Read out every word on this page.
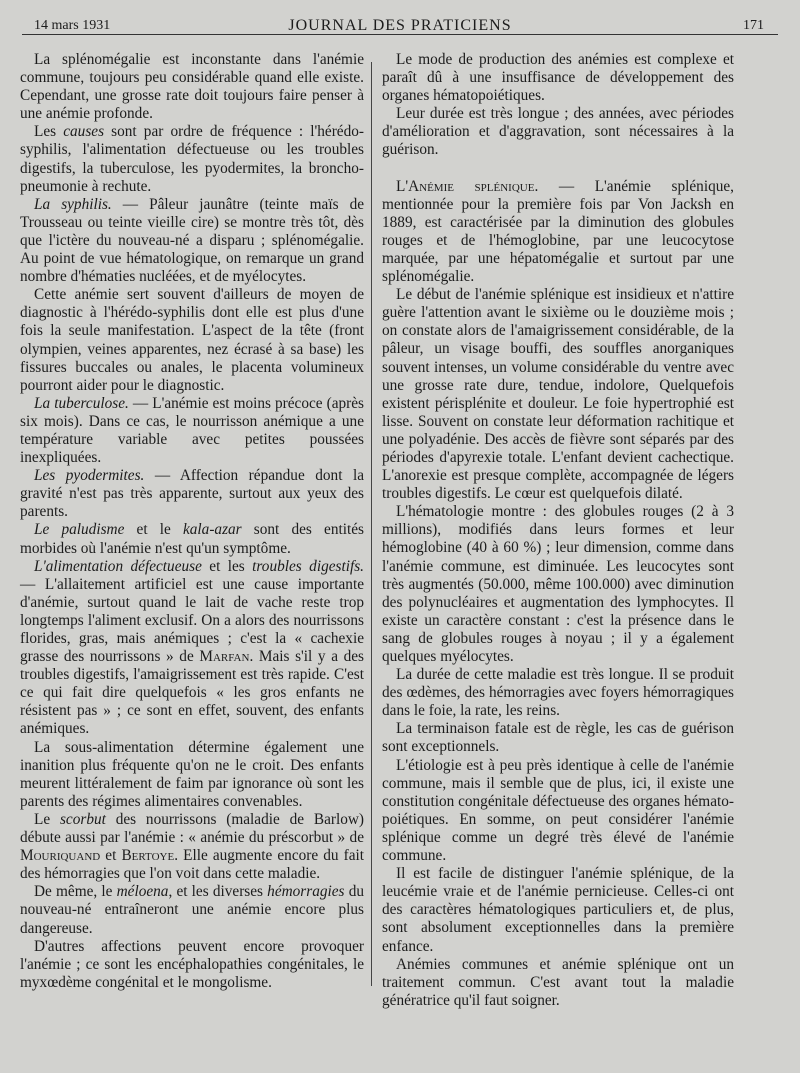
14 mars 1931	JOURNAL DES PRATICIENS	171

La splénomégalie est inconstante dans l'anémie commune, toujours peu considérable quand elle existe. Cependant, une grosse rate doit toujours faire penser à une anémie profonde.

Les causes sont par ordre de fréquence : l'hérédo-syphilis, l'alimentation défectueuse ou les troubles digestifs, la tuberculose, les pyodermites, la broncho-pneumonie à rechute.

La syphilis. — Pâleur jaunâtre (teinte maïs de Trousseau ou teinte vieille cire) se montre très tôt, dès que l'ictère du nouveau-né a disparu ; splénomégalie. Au point de vue hématologique, on remarque un grand nombre d'hématies nucléées, et de myélocytes.

Cette anémie sert souvent d'ailleurs de moyen de diagnostic à l'hérédo-syphilis dont elle est plus d'une fois la seule manifestation. L'aspect de la tête (front olympien, veines apparentes, nez écrasé à sa base) les fissures buccales ou anales, le placenta volumineux pourront aider pour le diagnostic.

La tuberculose. — L'anémie est moins précoce (après six mois). Dans ce cas, le nourrisson anémique a une température variable avec petites poussées inexpliquées.

Les pyodermites. — Affection répandue dont la gravité n'est pas très apparente, surtout aux yeux des parents.

Le paludisme et le kala-azar sont des entités morbides où l'anémie n'est qu'un symptôme.

L'alimentation défectueuse et les troubles digestifs. — L'allaitement artificiel est une cause importante d'anémie, surtout quand le lait de vache reste trop longtemps l'aliment exclusif. On a alors des nourrissons florides, gras, mais anémiques ; c'est la « cachexie grasse des nourrissons » de Marfan. Mais s'il y a des troubles digestifs, l'amaigrissement est très rapide. C'est ce qui fait dire quelquefois « les gros enfants ne résistent pas » ; ce sont en effet, souvent, des enfants anémiques.

La sous-alimentation détermine également une inanition plus fréquente qu'on ne le croit. Des enfants meurent littéralement de faim par ignorance où sont les parents des régimes alimentaires convenables.

Le scorbut des nourrissons (maladie de Barlow) débute aussi par l'anémie : « anémie du préscorbut » de Mouriquand et Bertoye. Elle augmente encore du fait des hémorragies que l'on voit dans cette maladie.

De même, le méloena, et les diverses hémorragies du nouveau-né entraîneront une anémie encore plus dangereuse.

D'autres affections peuvent encore provoquer l'anémie ; ce sont les encéphalopathies congénitales, le myxœdème congénital et le mongolisme.

Le mode de production des anémies est complexe et paraît dû à une insuffisance de développement des organes hématopoiétiques.

Leur durée est très longue ; des années, avec périodes d'amélioration et d'aggravation, sont nécessaires à la guérison.

L'Anémie splénique. — L'anémie splénique, mentionnée pour la première fois par Von Jacksh en 1889, est caractérisée par la diminution des globules rouges et de l'hémoglobine, par une leucocytose marquée, par une hépatomégalie et surtout par une splénomégalie.

Le début de l'anémie splénique est insidieux et n'attire guère l'attention avant le sixième ou le douzième mois ; on constate alors de l'amaigrissement considérable, de la pâleur, un visage bouffi, des souffles anorganiques souvent intenses, un volume considérable du ventre avec une grosse rate dure, tendue, indolore, Quelquefois existent périsplénite et douleur. Le foie hypertrophié est lisse. Souvent on constate leur déformation rachitique et une polyadénie. Des accès de fièvre sont séparés par des périodes d'apyrexie totale. L'enfant devient cachectique. L'anorexie est presque complète, accompagnée de légers troubles digestifs. Le cœur est quelquefois dilaté.

L'hématologie montre : des globules rouges (2 à 3 millions), modifiés dans leurs formes et leur hémoglobine (40 à 60 %) ; leur dimension, comme dans l'anémie commune, est diminuée. Les leucocytes sont très augmentés (50.000, même 100.000) avec diminution des polynucléaires et augmentation des lymphocytes. Il existe un caractère constant : c'est la présence dans le sang de globules rouges à noyau ; il y a également quelques myélocytes.

La durée de cette maladie est très longue. Il se produit des œdèmes, des hémorragies avec foyers hémorragiques dans le foie, la rate, les reins.

La terminaison fatale est de règle, les cas de guérison sont exceptionnels.

L'étiologie est à peu près identique à celle de l'anémie commune, mais il semble que de plus, ici, il existe une constitution congénitale défectueuse des organes hémato-poiétiques. En somme, on peut considérer l'anémie splénique comme un degré très élevé de l'anémie commune.

Il est facile de distinguer l'anémie splénique, de la leucémie vraie et de l'anémie pernicieuse. Celles-ci ont des caractères hématologiques particuliers et, de plus, sont absolument exceptionnelles dans la première enfance.

Anémies communes et anémie splénique ont un traitement commun. C'est avant tout la maladie génératrice qu'il faut soigner.
